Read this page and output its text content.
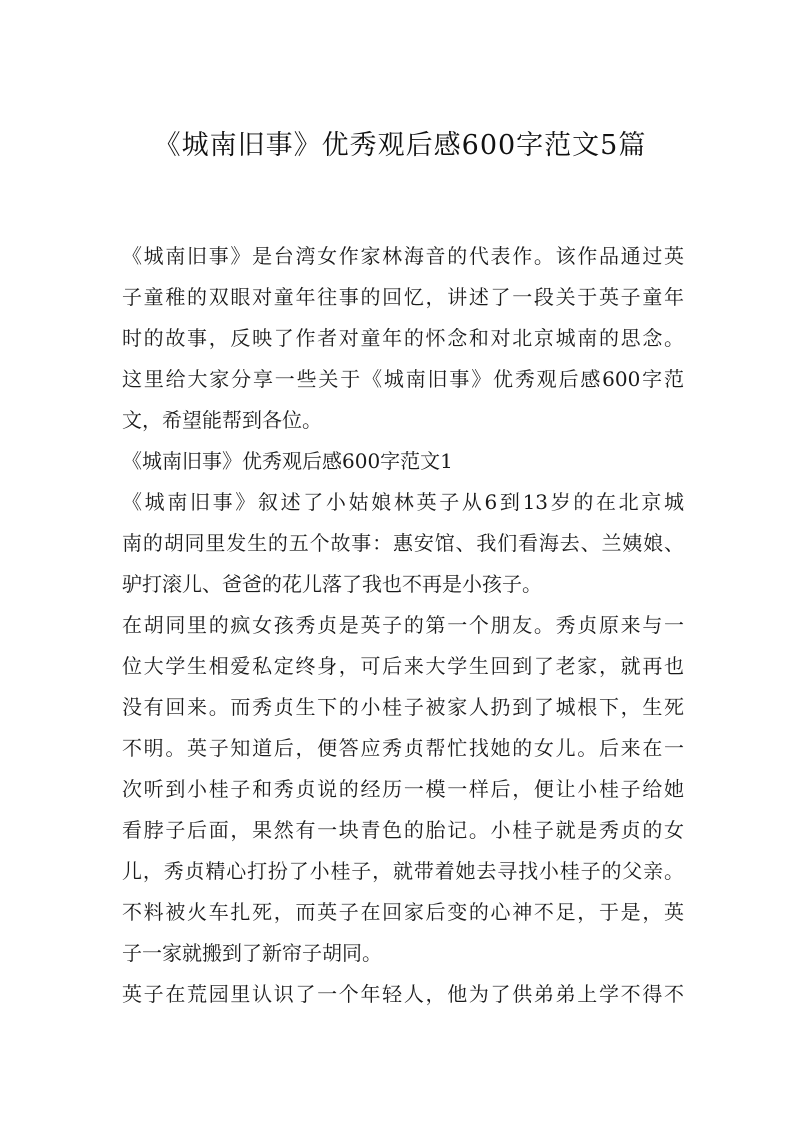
《城南旧事》优秀观后感600字范文5篇
《城南旧事》是台湾女作家林海音的代表作。该作品通过英
子童稚的双眼对童年往事的回忆，讲述了一段关于英子童年
时的故事，反映了作者对童年的怀念和对北京城南的思念。
这里给大家分享一些关于《城南旧事》优秀观后感600字范
文，希望能帮到各位。
《城南旧事》优秀观后感600字范文1
《城南旧事》叙述了小姑娘林英子从6到13岁的在北京城
南的胡同里发生的五个故事：惠安馆、我们看海去、兰姨娘、
驴打滚儿、爸爸的花儿落了我也不再是小孩子。
在胡同里的疯女孩秀贞是英子的第一个朋友。秀贞原来与一
位大学生相爱私定终身，可后来大学生回到了老家，就再也
没有回来。而秀贞生下的小桂子被家人扔到了城根下，生死
不明。英子知道后，便答应秀贞帮忙找她的女儿。后来在一
次听到小桂子和秀贞说的经历一模一样后，便让小桂子给她
看脖子后面，果然有一块青色的胎记。小桂子就是秀贞的女
儿，秀贞精心打扮了小桂子，就带着她去寻找小桂子的父亲。
不料被火车扎死，而英子在回家后变的心神不足，于是，英
子一家就搬到了新帘子胡同。
英子在荒园里认识了一个年轻人，他为了供弟弟上学不得不
